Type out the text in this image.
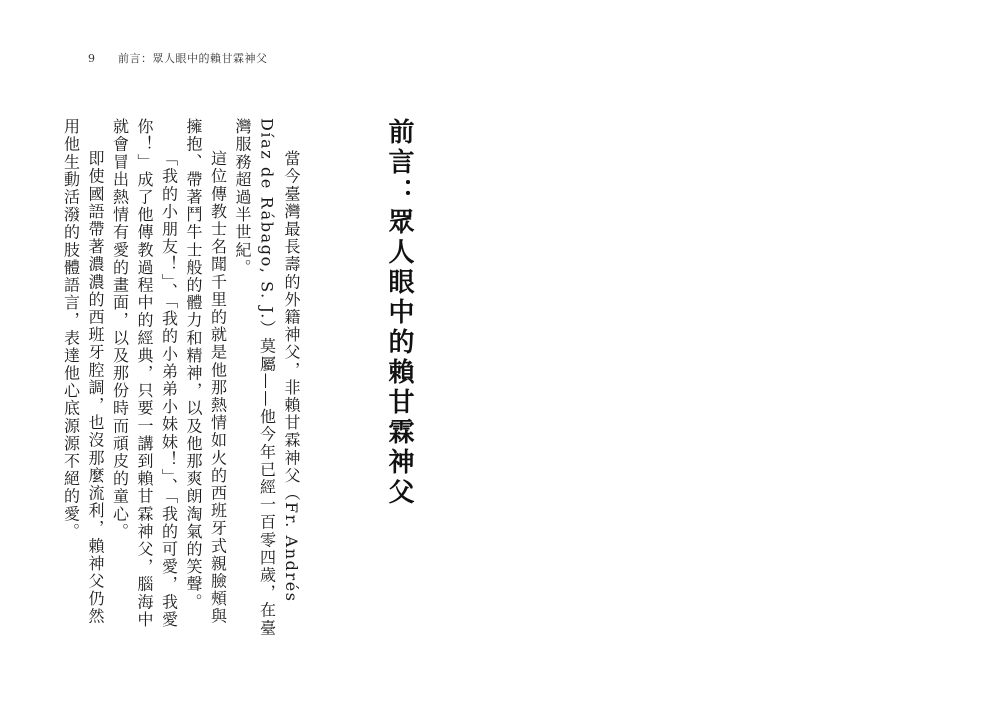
9	前言：眾人眼中的賴甘霖神父
前言：眾人眼中的賴甘霖神父

當今臺灣最長壽的外籍神父，非賴甘霖神父（Fr. Andrés Díaz de Rábago, S. J.）莫屬——他今年已經一百零四歲，在臺灣服務超過半世紀。

這位傳教士名聞千里的就是他那熱情如火的西班牙式親臉頰與擁抱、帶著鬥牛士般的體力和精神，以及他那爽朗淘氣的笑聲。

「我的小朋友！」、「我的小弟弟小妹妹！」、「我的可愛，我愛你！」成了他傳教過程中的經典，只要一講到賴甘霖神父，腦海中就會冒出熱情有愛的畫面，以及那份時而頑皮的童心。

即使國語帶著濃濃的西班牙腔調，也沒那麼流利，賴神父仍然用他生動活潑的肢體語言，表達他心底源源不絕的愛。
